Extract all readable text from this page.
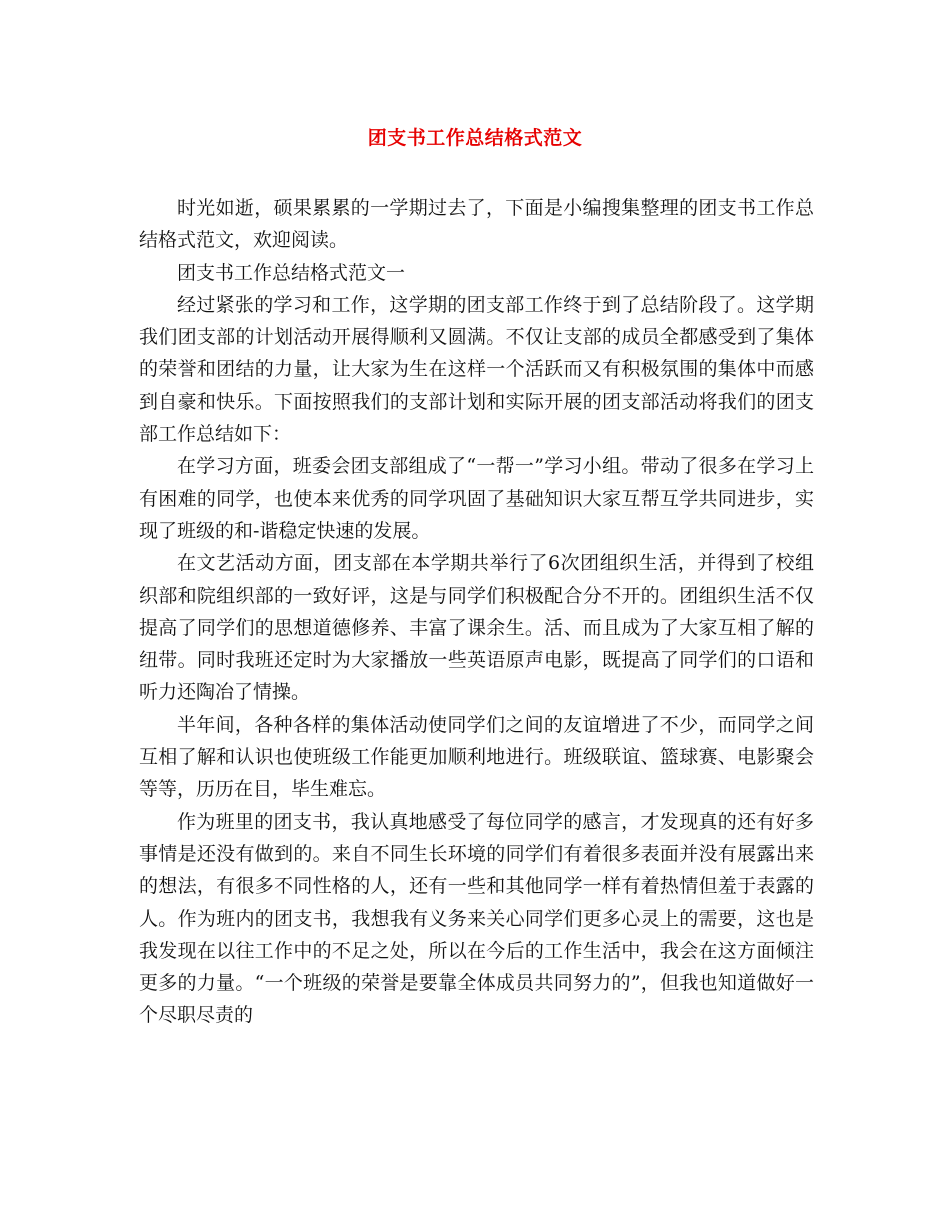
团支书工作总结格式范文

时光如逝，硕果累累的一学期过去了，下面是小编搜集整理的团支书工作总结格式范文，欢迎阅读。

团支书工作总结格式范文一

经过紧张的学习和工作，这学期的团支部工作终于到了总结阶段了。这学期我们团支部的计划活动开展得顺利又圆满。不仅让支部的成员全都感受到了集体的荣誉和团结的力量，让大家为生在这样一个活跃而又有积极氛围的集体中而感到自豪和快乐。下面按照我们的支部计划和实际开展的团支部活动将我们的团支部工作总结如下：

在学习方面，班委会团支部组成了“一帮一”学习小组。带动了很多在学习上有困难的同学，也使本来优秀的同学巩固了基础知识大家互帮互学共同进步，实现了班级的和-谐稳定快速的发展。

在文艺活动方面，团支部在本学期共举行了6次团组织生活，并得到了校组织部和院组织部的一致好评，这是与同学们积极配合分不开的。团组织生活不仅提高了同学们的思想道德修养、丰富了课余生。活、而且成为了大家互相了解的纽带。同时我班还定时为大家播放一些英语原声电影，既提高了同学们的口语和听力还陶冶了情操。

半年间，各种各样的集体活动使同学们之间的友谊增进了不少，而同学之间互相了解和认识也使班级工作能更加顺利地进行。班级联谊、篮球赛、电影聚会等等，历历在目，毕生难忘。

作为班里的团支书，我认真地感受了每位同学的感言，才发现真的还有好多事情是还没有做到的。来自不同生长环境的同学们有着很多表面并没有展露出来的想法，有很多不同性格的人，还有一些和其他同学一样有着热情但羞于表露的人。作为班内的团支书，我想我有义务来关心同学们更多心灵上的需要，这也是我发现在以往工作中的不足之处，所以在今后的工作生活中，我会在这方面倾注更多的力量。“一个班级的荣誉是要靠全体成员共同努力的”，但我也知道做好一个尽职尽责的
